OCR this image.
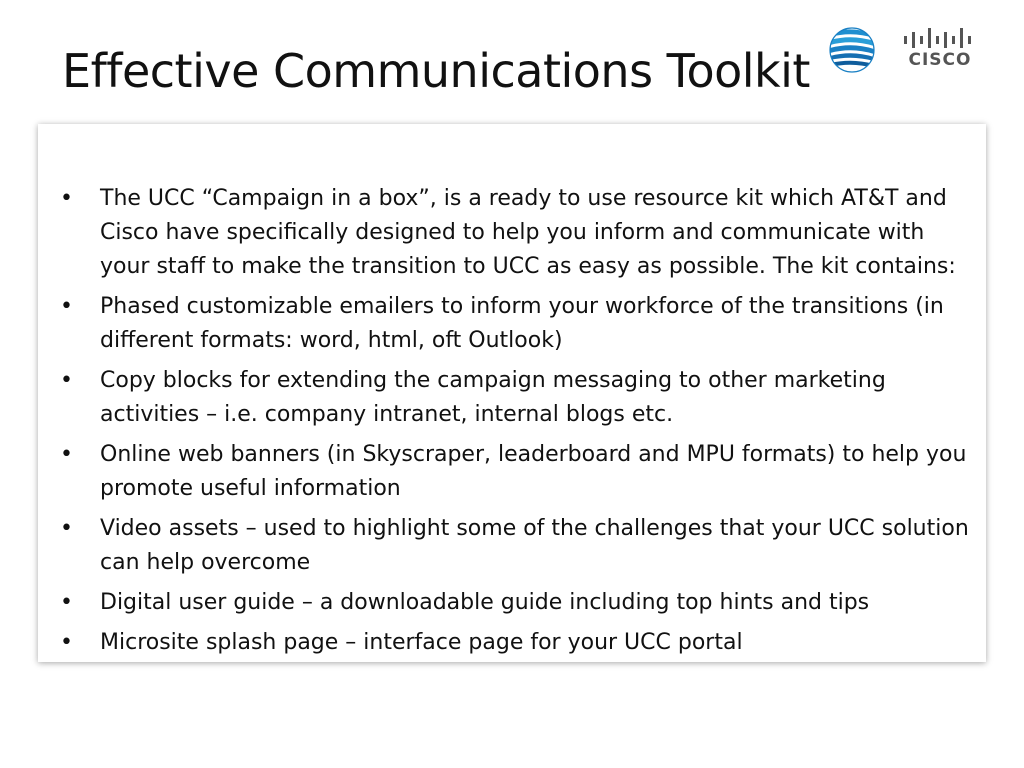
Effective Communications Toolkit	CISCO
• The UCC “Campaign in a box”, is a ready to use resource kit which AT&T and Cisco have specifically designed to help you inform and communicate with your staff to make the transition to UCC as easy as possible. The kit contains:
• Phased customizable emailers to inform your workforce of the transitions (in different formats: word, html, oft Outlook)
• Copy blocks for extending the campaign messaging to other marketing activities – i.e. company intranet, internal blogs etc.
• Online web banners (in Skyscraper, leaderboard and MPU formats) to help you promote useful information
• Video assets – used to highlight some of the challenges that your UCC solution can help overcome
• Digital user guide – a downloadable guide including top hints and tips
• Microsite splash page – interface page for your UCC portal
